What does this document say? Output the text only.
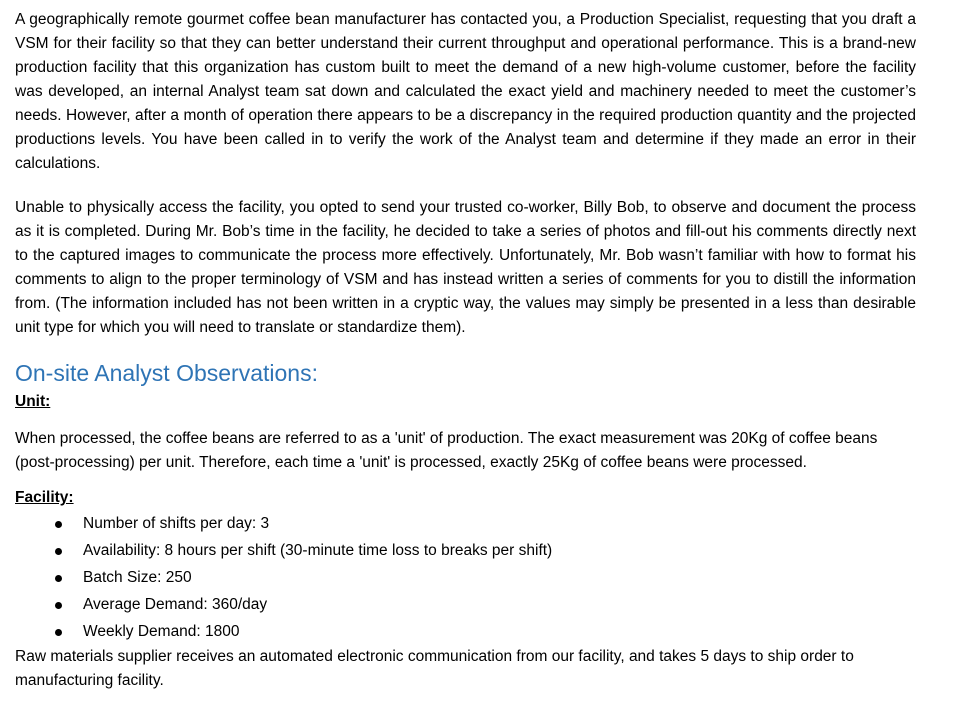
A geographically remote gourmet coffee bean manufacturer has contacted you, a Production Specialist, requesting that you draft a VSM for their facility so that they can better understand their current throughput and operational performance. This is a brand-new production facility that this organization has custom built to meet the demand of a new high-volume customer, before the facility was developed, an internal Analyst team sat down and calculated the exact yield and machinery needed to meet the customer’s needs. However, after a month of operation there appears to be a discrepancy in the required production quantity and the projected productions levels. You have been called in to verify the work of the Analyst team and determine if they made an error in their calculations.

Unable to physically access the facility, you opted to send your trusted co-worker, Billy Bob, to observe and document the process as it is completed. During Mr. Bob’s time in the facility, he decided to take a series of photos and fill-out his comments directly next to the captured images to communicate the process more effectively. Unfortunately, Mr. Bob wasn’t familiar with how to format his comments to align to the proper terminology of VSM and has instead written a series of comments for you to distill the information from. (The information included has not been written in a cryptic way, the values may simply be presented in a less than desirable unit type for which you will need to translate or standardize them).

On-site Analyst Observations:

Unit:

When processed, the coffee beans are referred to as a 'unit' of production. The exact measurement was 20Kg of coffee beans (post-processing) per unit. Therefore, each time a 'unit' is processed, exactly 25Kg of coffee beans were processed.

Facility:

Number of shifts per day: 3
Availability: 8 hours per shift (30-minute time loss to breaks per shift)
Batch Size: 250
Average Demand: 360/day
Weekly Demand: 1800

Raw materials supplier receives an automated electronic communication from our facility, and takes 5 days to ship order to manufacturing facility.
